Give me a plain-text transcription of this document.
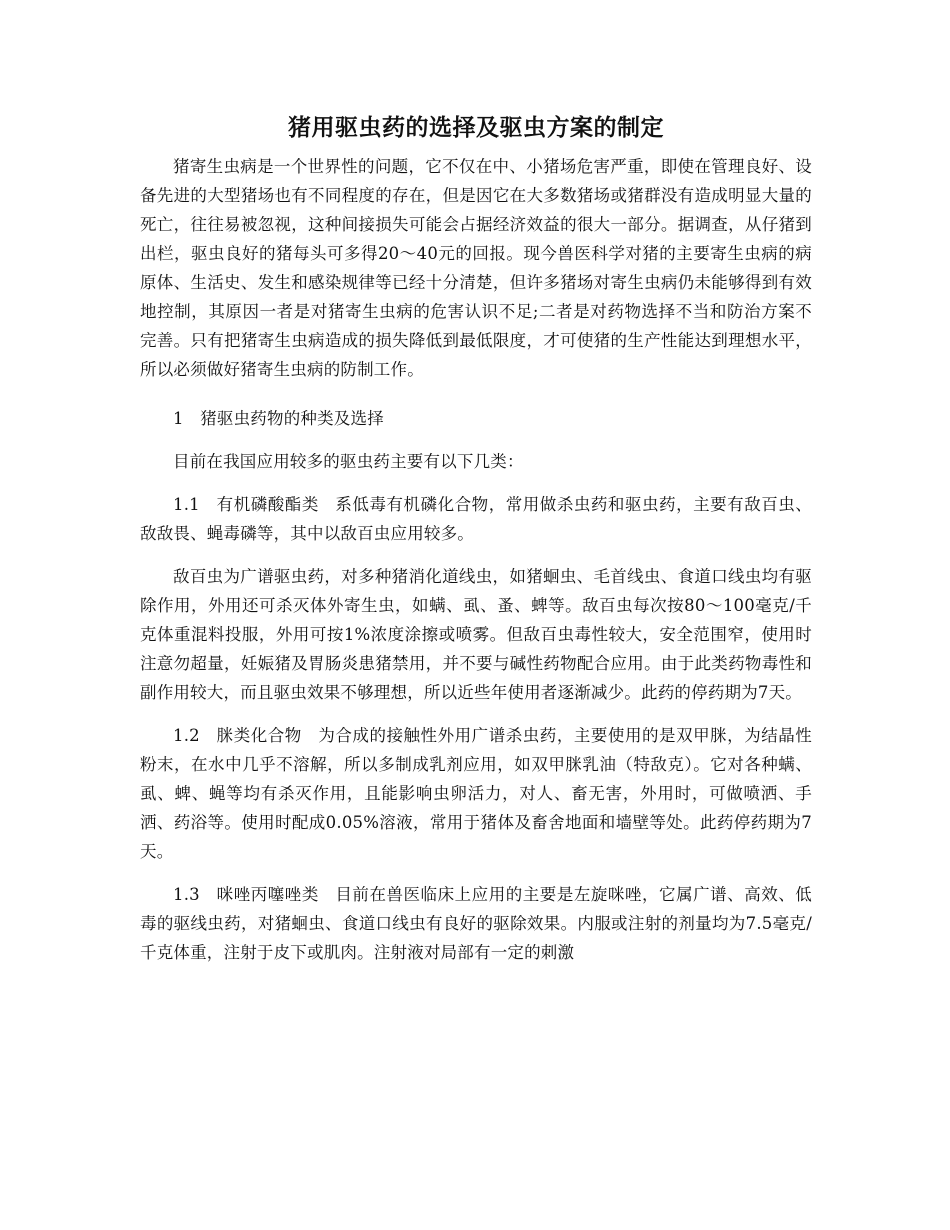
猪用驱虫药的选择及驱虫方案的制定

猪寄生虫病是一个世界性的问题，它不仅在中、小猪场危害严重，即使在管理良好、设备先进的大型猪场也有不同程度的存在，但是因它在大多数猪场或猪群没有造成明显大量的死亡，往往易被忽视，这种间接损失可能会占据经济效益的很大一部分。据调查，从仔猪到出栏，驱虫良好的猪每头可多得20～40元的回报。现今兽医科学对猪的主要寄生虫病的病原体、生活史、发生和感染规律等已经十分清楚，但许多猪场对寄生虫病仍未能够得到有效地控制，其原因一者是对猪寄生虫病的危害认识不足;二者是对药物选择不当和防治方案不完善。只有把猪寄生虫病造成的损失降低到最低限度，才可使猪的生产性能达到理想水平，所以必须做好猪寄生虫病的防制工作。

1 猪驱虫药物的种类及选择

目前在我国应用较多的驱虫药主要有以下几类：

1.1 有机磷酸酯类 系低毒有机磷化合物，常用做杀虫药和驱虫药，主要有敌百虫、敌敌畏、蝇毒磷等，其中以敌百虫应用较多。

敌百虫为广谱驱虫药，对多种猪消化道线虫，如猪蛔虫、毛首线虫、食道口线虫均有驱除作用，外用还可杀灭体外寄生虫，如螨、虱、蚤、蜱等。敌百虫每次按80～100毫克/千克体重混料投服，外用可按1%浓度涂擦或喷雾。但敌百虫毒性较大，安全范围窄，使用时注意勿超量，妊娠猪及胃肠炎患猪禁用，并不要与碱性药物配合应用。由于此类药物毒性和副作用较大，而且驱虫效果不够理想，所以近些年使用者逐渐减少。此药的停药期为7天。

1.2 脒类化合物 为合成的接触性外用广谱杀虫药，主要使用的是双甲脒，为结晶性粉末，在水中几乎不溶解，所以多制成乳剂应用，如双甲脒乳油（特敌克）。它对各种螨、虱、蜱、蝇等均有杀灭作用，且能影响虫卵活力，对人、畜无害，外用时，可做喷洒、手洒、药浴等。使用时配成0.05%溶液，常用于猪体及畜舍地面和墙壁等处。此药停药期为7天。

1.3 咪唑丙噻唑类 目前在兽医临床上应用的主要是左旋咪唑，它属广谱、高效、低毒的驱线虫药，对猪蛔虫、食道口线虫有良好的驱除效果。内服或注射的剂量均为7.5毫克/千克体重，注射于皮下或肌肉。注射液对局部有一定的刺激
